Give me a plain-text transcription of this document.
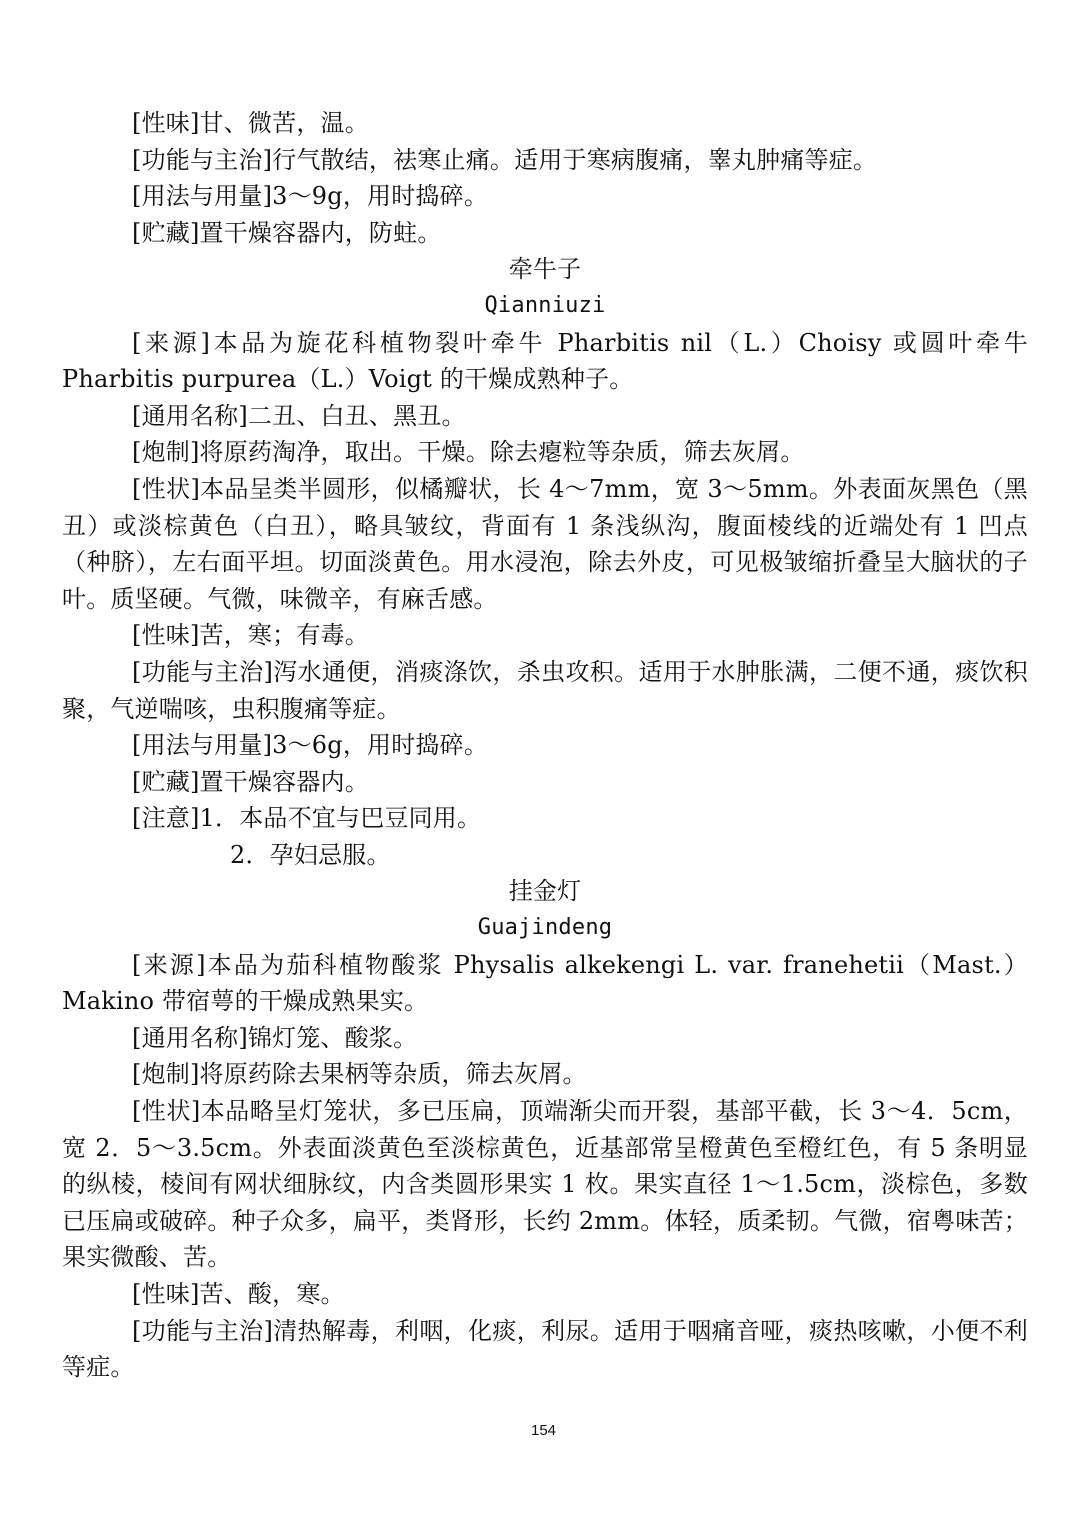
[性味]甘、微苦，温。

[功能与主治]行气散结，祛寒止痛。适用于寒病腹痛，睾丸肿痛等症。

[用法与用量]3～9g，用时捣碎。

[贮藏]置干燥容器内，防蛀。

牵牛子

Qianniuzi

[来源]本品为旋花科植物裂叶牵牛 Pharbitis nil（L.）Choisy 或圆叶牵牛 Pharbitis purpurea（L.）Voigt 的干燥成熟种子。

[通用名称]二丑、白丑、黑丑。

[炮制]将原药淘净，取出。干燥。除去瘪粒等杂质，筛去灰屑。

[性状]本品呈类半圆形，似橘瓣状，长 4～7mm，宽 3～5mm。外表面灰黑色（黑丑）或淡棕黄色（白丑），略具皱纹，背面有 1 条浅纵沟，腹面棱线的近端处有 1 凹点（种脐），左右面平坦。切面淡黄色。用水浸泡，除去外皮，可见极皱缩折叠呈大脑状的子叶。质坚硬。气微，味微辛，有麻舌感。

[性味]苦，寒；有毒。

[功能与主治]泻水通便，消痰涤饮，杀虫攻积。适用于水肿胀满，二便不通，痰饮积聚，气逆喘咳，虫积腹痛等症。

[用法与用量]3～6g，用时捣碎。

[贮藏]置干燥容器内。

[注意]1．本品不宜与巴豆同用。

2．孕妇忌服。

挂金灯

Guajindeng

[来源]本品为茄科植物酸浆 Physalis alkekengi L. var. franehetii（Mast.）Makino 带宿萼的干燥成熟果实。

[通用名称]锦灯笼、酸浆。

[炮制]将原药除去果柄等杂质，筛去灰屑。

[性状]本品略呈灯笼状，多已压扁，顶端渐尖而开裂，基部平截，长 3～4．5cm，宽 2．5～3.5cm。外表面淡黄色至淡棕黄色，近基部常呈橙黄色至橙红色，有 5 条明显的纵棱，棱间有网状细脉纹，内含类圆形果实 1 枚。果实直径 1～1.5cm，淡棕色，多数已压扁或破碎。种子众多，扁平，类肾形，长约 2mm。体轻，质柔韧。气微，宿粤味苦；果实微酸、苦。

[性味]苦、酸，寒。

[功能与主治]清热解毒，利咽，化痰，利尿。适用于咽痛音哑，痰热咳嗽，小便不利等症。

154
